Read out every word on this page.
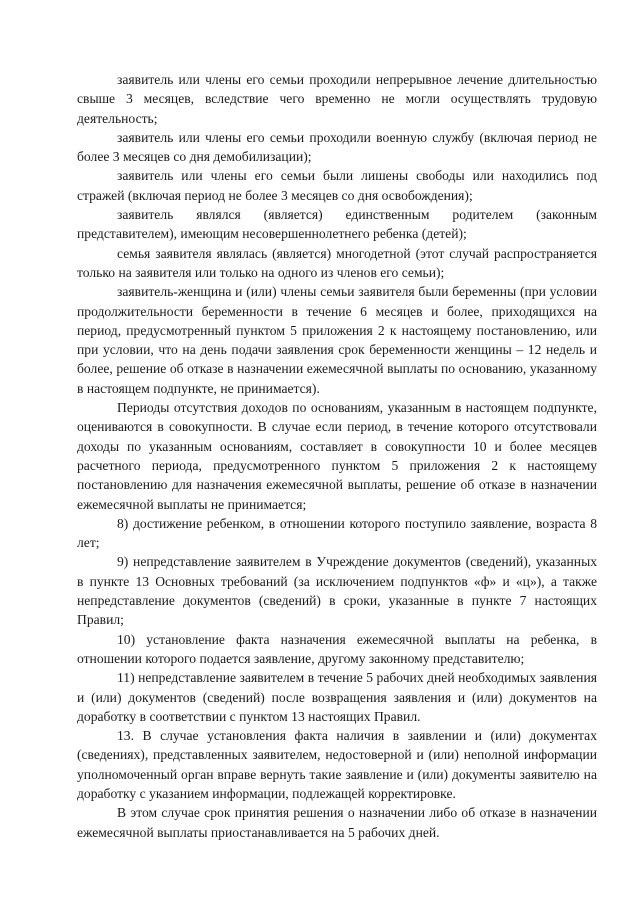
заявитель или члены его семьи проходили непрерывное лечение длительностью свыше 3 месяцев, вследствие чего временно не могли осуществлять трудовую деятельность;

заявитель или члены его семьи проходили военную службу (включая период не более 3 месяцев со дня демобилизации);

заявитель или члены его семьи были лишены свободы или находились под стражей (включая период не более 3 месяцев со дня освобождения);

заявитель являлся (является) единственным родителем (законным представителем), имеющим несовершеннолетнего ребенка (детей);

семья заявителя являлась (является) многодетной (этот случай распространяется только на заявителя или только на одного из членов его семьи);

заявитель-женщина и (или) члены семьи заявителя были беременны (при условии продолжительности беременности в течение 6 месяцев и более, приходящихся на период, предусмотренный пунктом 5 приложения 2 к настоящему постановлению, или при условии, что на день подачи заявления срок беременности женщины – 12 недель и более, решение об отказе в назначении ежемесячной выплаты по основанию, указанному в настоящем подпункте, не принимается).

Периоды отсутствия доходов по основаниям, указанным в настоящем подпункте, оцениваются в совокупности. В случае если период, в течение которого отсутствовали доходы по указанным основаниям, составляет в совокупности 10 и более месяцев расчетного периода, предусмотренного пунктом 5 приложения 2 к настоящему постановлению для назначения ежемесячной выплаты, решение об отказе в назначении ежемесячной выплаты не принимается;

8) достижение ребенком, в отношении которого поступило заявление, возраста 8 лет;

9) непредставление заявителем в Учреждение документов (сведений), указанных в пункте 13 Основных требований (за исключением подпунктов «ф» и «ц»), а также непредставление документов (сведений) в сроки, указанные в пункте 7 настоящих Правил;

10) установление факта назначения ежемесячной выплаты на ребенка, в отношении которого подается заявление, другому законному представителю;

11) непредставление заявителем в течение 5 рабочих дней необходимых заявления и (или) документов (сведений) после возвращения заявления и (или) документов на доработку в соответствии с пунктом 13 настоящих Правил.

13. В случае установления факта наличия в заявлении и (или) документах (сведениях), представленных заявителем, недостоверной и (или) неполной информации уполномоченный орган вправе вернуть такие заявление и (или) документы заявителю на доработку с указанием информации, подлежащей корректировке.

В этом случае срок принятия решения о назначении либо об отказе в назначении ежемесячной выплаты приостанавливается на 5 рабочих дней.
